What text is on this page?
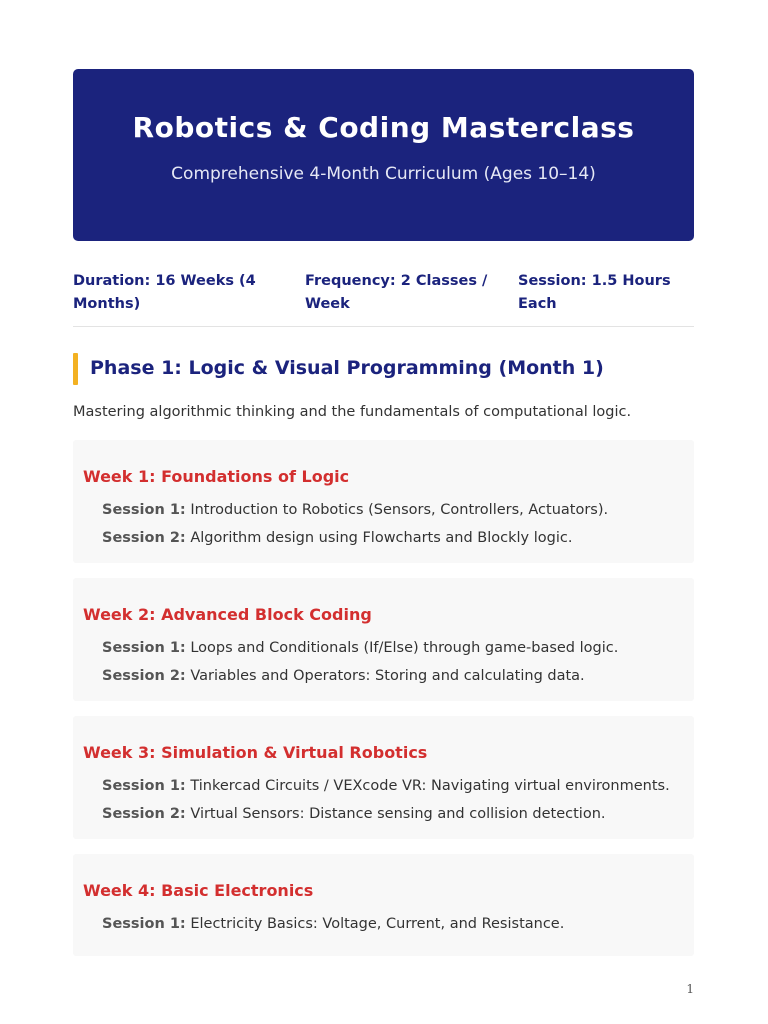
Robotics & Coding Masterclass
Comprehensive 4-Month Curriculum (Ages 10–14)
Duration: 16 Weeks (4 Months)
Frequency: 2 Classes / Week
Session: 1.5 Hours Each
Phase 1: Logic & Visual Programming (Month 1)
Mastering algorithmic thinking and the fundamentals of computational logic.
Week 1: Foundations of Logic
Session 1: Introduction to Robotics (Sensors, Controllers, Actuators).
Session 2: Algorithm design using Flowcharts and Blockly logic.
Week 2: Advanced Block Coding
Session 1: Loops and Conditionals (If/Else) through game-based logic.
Session 2: Variables and Operators: Storing and calculating data.
Week 3: Simulation & Virtual Robotics
Session 1: Tinkercad Circuits / VEXcode VR: Navigating virtual environments.
Session 2: Virtual Sensors: Distance sensing and collision detection.
Week 4: Basic Electronics
Session 1: Electricity Basics: Voltage, Current, and Resistance.
1
